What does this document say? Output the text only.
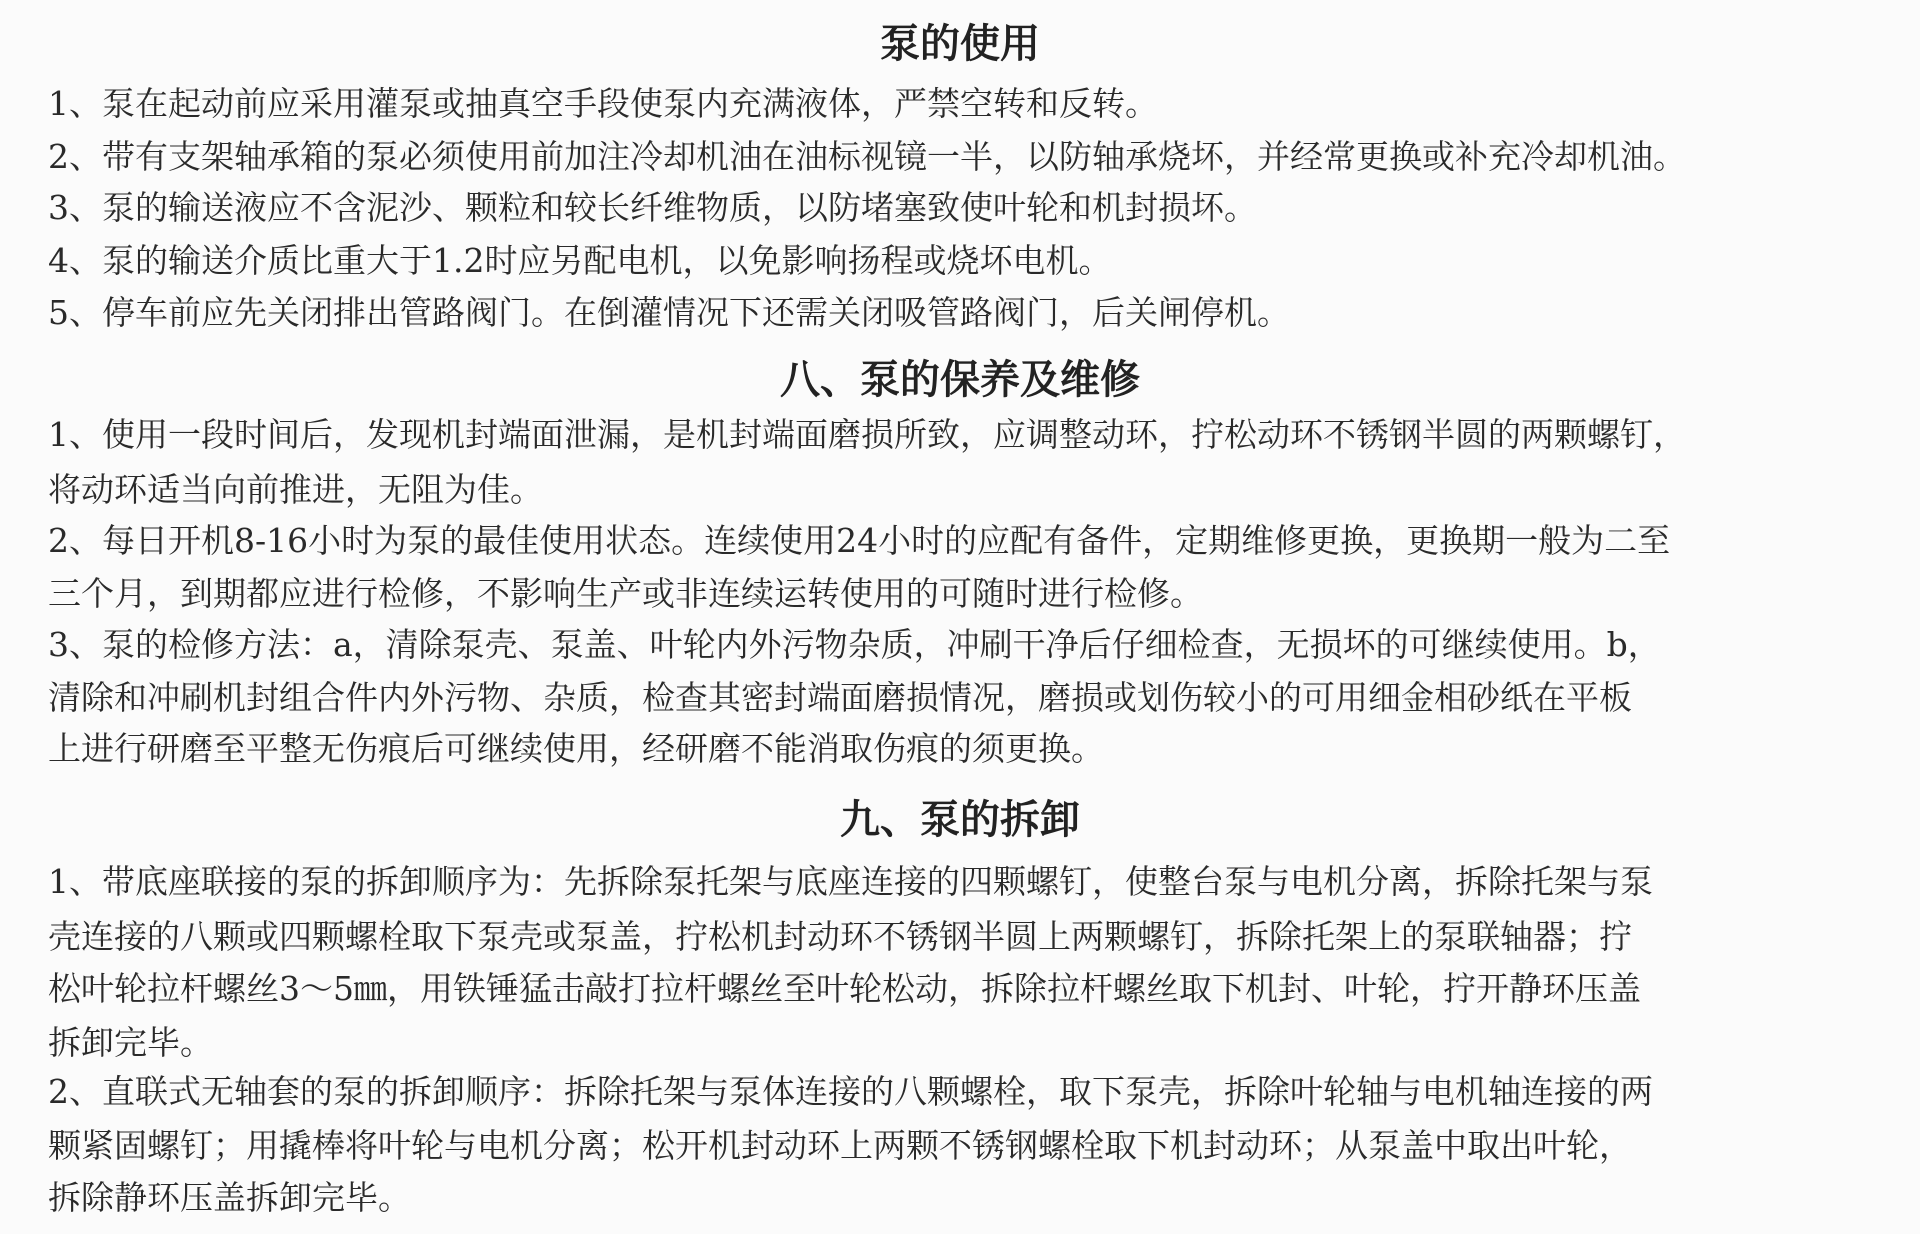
泵的使用
1、泵在起动前应采用灌泵或抽真空手段使泵内充满液体，严禁空转和反转。
2、带有支架轴承箱的泵必须使用前加注冷却机油在油标视镜一半，以防轴承烧坏，并经常更换或补充冷却机油。
3、泵的输送液应不含泥沙、颗粒和较长纤维物质，以防堵塞致使叶轮和机封损坏。
4、泵的输送介质比重大于1.2时应另配电机，以免影响扬程或烧坏电机。
5、停车前应先关闭排出管路阀门。在倒灌情况下还需关闭吸管路阀门，后关闸停机。
八、泵的保养及维修
1、使用一段时间后，发现机封端面泄漏，是机封端面磨损所致，应调整动环，拧松动环不锈钢半圆的两颗螺钉，
将动环适当向前推进，无阻为佳。
2、每日开机8-16小时为泵的最佳使用状态。连续使用24小时的应配有备件，定期维修更换，更换期一般为二至
三个月，到期都应进行检修，不影响生产或非连续运转使用的可随时进行检修。
3、泵的检修方法：a，清除泵壳、泵盖、叶轮内外污物杂质，冲刷干净后仔细检查，无损坏的可继续使用。b，
清除和冲刷机封组合件内外污物、杂质，检查其密封端面磨损情况，磨损或划伤较小的可用细金相砂纸在平板
上进行研磨至平整无伤痕后可继续使用，经研磨不能消取伤痕的须更换。
九、泵的拆卸
1、带底座联接的泵的拆卸顺序为：先拆除泵托架与底座连接的四颗螺钉，使整台泵与电机分离，拆除托架与泵
壳连接的八颗或四颗螺栓取下泵壳或泵盖，拧松机封动环不锈钢半圆上两颗螺钉，拆除托架上的泵联轴器；拧
松叶轮拉杆螺丝3～5㎜，用铁锤猛击敲打拉杆螺丝至叶轮松动，拆除拉杆螺丝取下机封、叶轮，拧开静环压盖
拆卸完毕。
2、直联式无轴套的泵的拆卸顺序：拆除托架与泵体连接的八颗螺栓，取下泵壳，拆除叶轮轴与电机轴连接的两
颗紧固螺钉；用撬棒将叶轮与电机分离；松开机封动环上两颗不锈钢螺栓取下机封动环；从泵盖中取出叶轮，
拆除静环压盖拆卸完毕。
